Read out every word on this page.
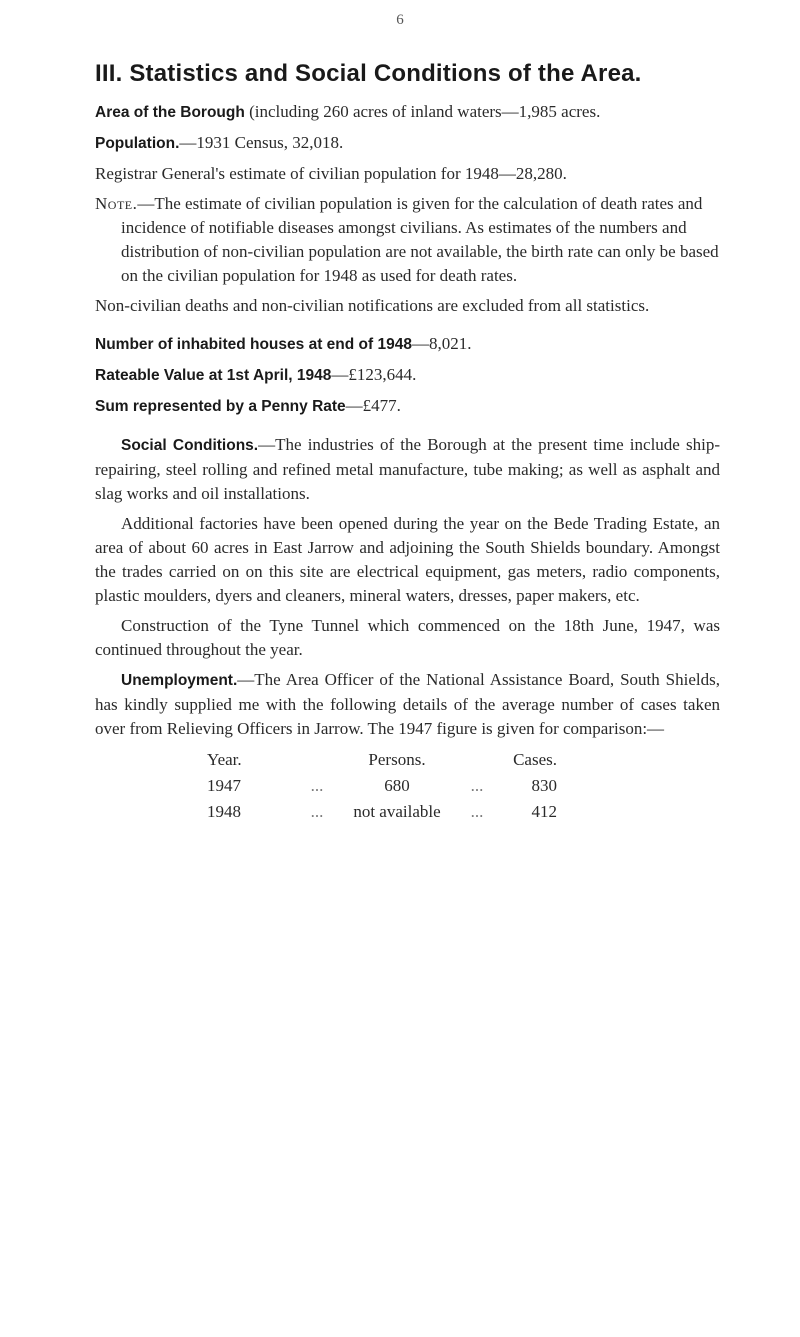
6
III. Statistics and Social Conditions of the Area.

Area of the Borough (including 260 acres of inland waters—1,985 acres.

Population.—1931 Census, 32,018.

Registrar General's estimate of civilian population for 1948—28,280.

Note.—The estimate of civilian population is given for the calculation of death rates and incidence of notifiable diseases amongst civilians. As estimates of the numbers and distribution of non-civilian population are not available, the birth rate can only be based on the civilian population for 1948 as used for death rates.

Non-civilian deaths and non-civilian notifications are excluded from all statistics.

Number of inhabited houses at end of 1948—8,021.

Rateable Value at 1st April, 1948—£123,644.

Sum represented by a Penny Rate—£477.

Social Conditions.—The industries of the Borough at the present time include ship-repairing, steel rolling and refined metal manufacture, tube making; as well as asphalt and slag works and oil installations.

Additional factories have been opened during the year on the Bede Trading Estate, an area of about 60 acres in East Jarrow and adjoining the South Shields boundary. Amongst the trades carried on on this site are electrical equipment, gas meters, radio components, plastic moulders, dyers and cleaners, mineral waters, dresses, paper makers, etc.

Construction of the Tyne Tunnel which commenced on the 18th June, 1947, was continued throughout the year.

Unemployment.—The Area Officer of the National Assistance Board, South Shields, has kindly supplied me with the following details of the average number of cases taken over from Relieving Officers in Jarrow. The 1947 figure is given for comparison:—

Year.		Persons.		Cases.
1947	...	680	...	830
1948	...	not available	...	412
